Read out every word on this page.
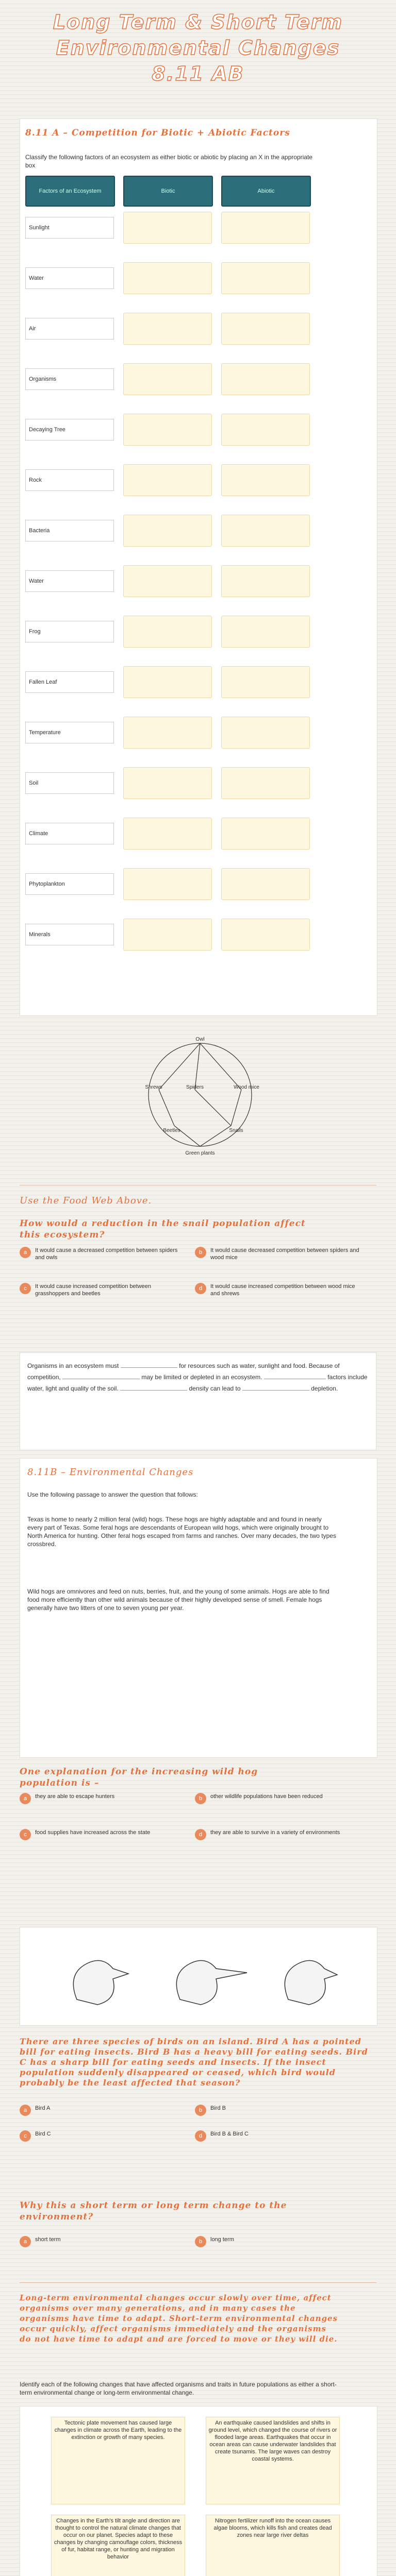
Long Term & Short Term
Environmental Changes
8.11 AB
8.11 A – Competition for Biotic + Abiotic Factors
Classify the following factors of an ecosystem as either biotic or abiotic by placing an X in the appropriate box
Factors of an Ecosystem	Biotic	Abiotic
Sunlight
Water
Air
Organisms
Decaying Tree
Rock
Bacteria
Water
Frog
Fallen Leaf
Temperature
Soil
Climate
Phytoplankton
Minerals
Owl
Shrews	Spiders	Wood mice
Beetles	Snails
Green plants
Use the Food Web Above.
How would a reduction in the snail population affect this ecosystem?
a	It would cause a decreased competition between spiders and owls
b	It would cause decreased competition between spiders and wood mice
c	It would cause increased competition between grasshoppers and beetles
d	It would cause increased competition between wood mice and shrews
Organisms in an ecosystem must	for resources such as water, sunlight and food. Because of competition,	may be limited or depleted in an ecosystem.	factors include water, light and quality of the soil.	density can lead to	depletion.
8.11B – Environmental Changes
Use the following passage to answer the question that follows:
Texas is home to nearly 2 million feral (wild) hogs. These hogs are highly adaptable and and found in nearly every part of Texas. Some feral hogs are descendants of European wild hogs, which were originally brought to North America for hunting. Other feral hogs escaped from farms and ranches. Over many decades, the two types crossbred.
Wild hogs are omnivores and feed on nuts, berries, fruit, and the young of some animals. Hogs are able to find food more efficiently than other wild animals because of their highly developed sense of smell. Female hogs generally have two litters of one to seven young per year.
One explanation for the increasing wild hog population is –
a	they are able to escape hunters	b	other wildlife populations have been reduced
c	food supplies have increased across the state	d	they are able to survive in a variety of environments
There are three species of birds on an island. Bird A has a pointed bill for eating insects. Bird B has a heavy bill for eating seeds. Bird C has a sharp bill for eating seeds and insects. If the insect population suddenly disappeared or ceased, which bird would probably be the least affected that season?
a	Bird A	b	Bird B
c	Bird C	d	Bird B & Bird C
Why this a short term or long term change to the environment?
a	short term	b	long term
Long-term environmental changes occur slowly over time, affect organisms over many generations, and in many cases the organisms have time to adapt. Short-term environmental changes occur quickly, affect organisms immediately and the organisms do not have time to adapt and are forced to move or they will die.
Identify each of the following changes that have affected organisms and traits in future populations as either a short-term environmental change or long-term environmental change.
Tectonic plate movement has caused large changes in climate across the Earth, leading to the extinction or growth of many species.
An earthquake caused landslides and shifts in ground level, which changed the course of rivers or flooded large areas. Earthquakes that occur in ocean areas can cause underwater landslides that create tsunamis. The large waves can destroy coastal systems.
Changes in the Earth's tilt angle and direction are thought to control the natural climate changes that occur on our planet. Species adapt to these changes by changing camouflage colors, thickness of fur, habitat range, or hunting and migration behavior
Nitrogen fertilizer runoff into the ocean causes algae blooms, which kills fish and creates dead zones near large river deltas
